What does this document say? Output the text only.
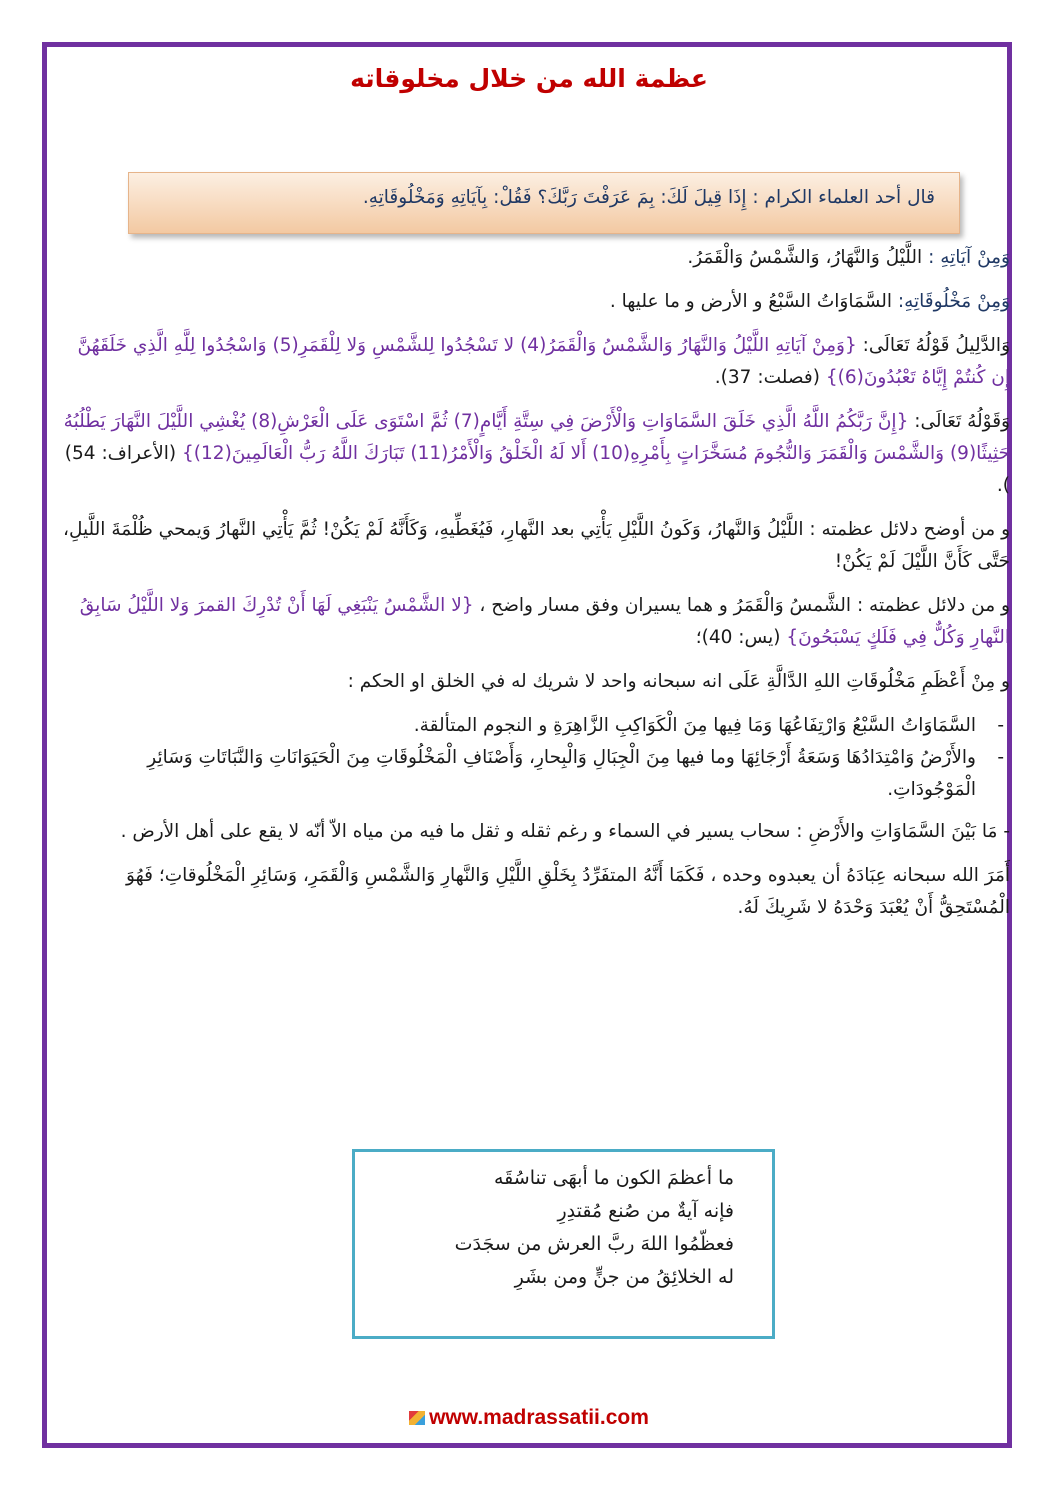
عظمة الله من خلال مخلوقاته
قال أحد العلماء الكرام : إِذَا قِيلَ لَكَ: بِمَ عَرَفْتَ رَبَّكَ؟ فَقُلْ: بِآيَاتِهِ وَمَخْلُوقَاتِهِ.

وَمِنْ آيَاتِهِ : اللَّيْلُ وَالنَّهَارُ، وَالشَّمْسُ وَالْقَمَرُ.

وَمِنْ مَخْلُوقَاتِهِ: السَّمَاوَاتُ السَّبْعُ و الأرض و ما عليها .

وَالدَّلِيلُ قَوْلُهُ تَعَالَى: {وَمِنْ آيَاتِهِ اللَّيْلُ وَالنَّهَارُ وَالشَّمْسُ وَالْقَمَرُ(4) لا تَسْجُدُوا لِلشَّمْسِ وَلا لِلْقَمَرِ(5) وَاسْجُدُوا لِلَّهِ الَّذِي خَلَقَهُنَّ إِن كُنتُمْ إِيَّاهُ تَعْبُدُونَ(6)} (فصلت: 37).

وَقَوْلُهُ تَعَالَى: {إِنَّ رَبَّكُمُ اللَّهُ الَّذِي خَلَقَ السَّمَاوَاتِ وَالْأَرْضَ فِي سِتَّةِ أَيَّامٍ(7) ثُمَّ اسْتَوَى عَلَى الْعَرْشِ(8) يُغْشِي اللَّيْلَ النَّهَارَ يَطْلُبُهُ حَثِيثًا(9) وَالشَّمْسَ وَالْقَمَرَ وَالنُّجُومَ مُسَخَّرَاتٍ بِأَمْرِهِ(10) أَلا لَهُ الْخَلْقُ وَالْأَمْرُ(11) تَبَارَكَ اللَّهُ رَبُّ الْعَالَمِينَ(12)} (الأعراف: 54) ).

و من أوضح دلائل عظمته : اللَّيْلُ وَالنَّهارُ، وَكَونُ اللَّيْلِ يَأْتِي بعد النَّهارِ، فَيُغَطِّيهِ، وَكَأَنَّهُ لَمْ يَكُنْ! ثُمَّ يَأْتِي النَّهارُ وَيمحي ظُلْمَةَ اللَّيلِ، حَتَّى كَأَنَّ اللَّيْلَ لَمْ يَكُنْ!

و من دلائل عظمته : الشَّمسُ وَالْقَمَرُ و هما يسيران وفق مسار واضح ، {لا الشَّمْسُ يَنْبَغِي لَهَا أَنْ تُدْرِكَ القمرَ وَلا اللَّيْلُ سَابِقُ النَّهارِ وَكُلٌّ فِي فَلَكٍ يَسْبَحُونَ} (يس: 40)؛

و مِنْ أَعْظَمِ مَخْلُوقَاتِ اللهِ الدَّالَّةِ عَلَى انه سبحانه واحد لا شريك له في الخلق او الحكم :

- السَّمَاوَاتُ السَّبْعُ وَارْتِفَاعُهَا وَمَا فِيها مِنَ الْكَوَاكِبِ الزَّاهِرَةِ و النجوم المتألقة.
- والأَرْضُ وَامْتِدَادُهَا وَسَعَةُ أَرْجَائِهَا وما فيها مِنَ الْجِبَالِ وَالْبِحارِ، وَأَصْنَافِ الْمَخْلُوقَاتِ مِنَ الْحَيَوَانَاتِ وَالنَّبَاتَاتِ وَسَائِرِ الْمَوْجُودَاتِ.

- مَا بَيْنَ السَّمَاوَاتِ والأَرْضِ : سحاب يسير في السماء و رغم ثقله و ثقل ما فيه من مياه الاّ أنّه لا يقع على أهل الأرض .

أَمَرَ الله سبحانه عِبَادَهُ أن يعبدوه وحده ، فَكَمَا أَنَّهُ المتفَرِّدُ بِخَلْقِ اللَّيْلِ وَالنَّهارِ وَالشَّمْسِ وَالْقَمَرِ، وَسَائِرِ الْمَخْلُوقاتِ؛ فَهُوَ الْمُسْتَحِقُّ أَنْ يُعْبَدَ وَحْدَهُ لا شَرِيكَ لَهُ.

ما أعظمَ الكون ما أبهَى تناسُقَه
فإنه آيةٌ من صُنع مُقتدِرِ
فعظّمُوا اللهَ ربَّ العرش من سجَدَت
له الخلائِقُ من جنٍّ ومن بشَرِ
www.madrassatii.com
